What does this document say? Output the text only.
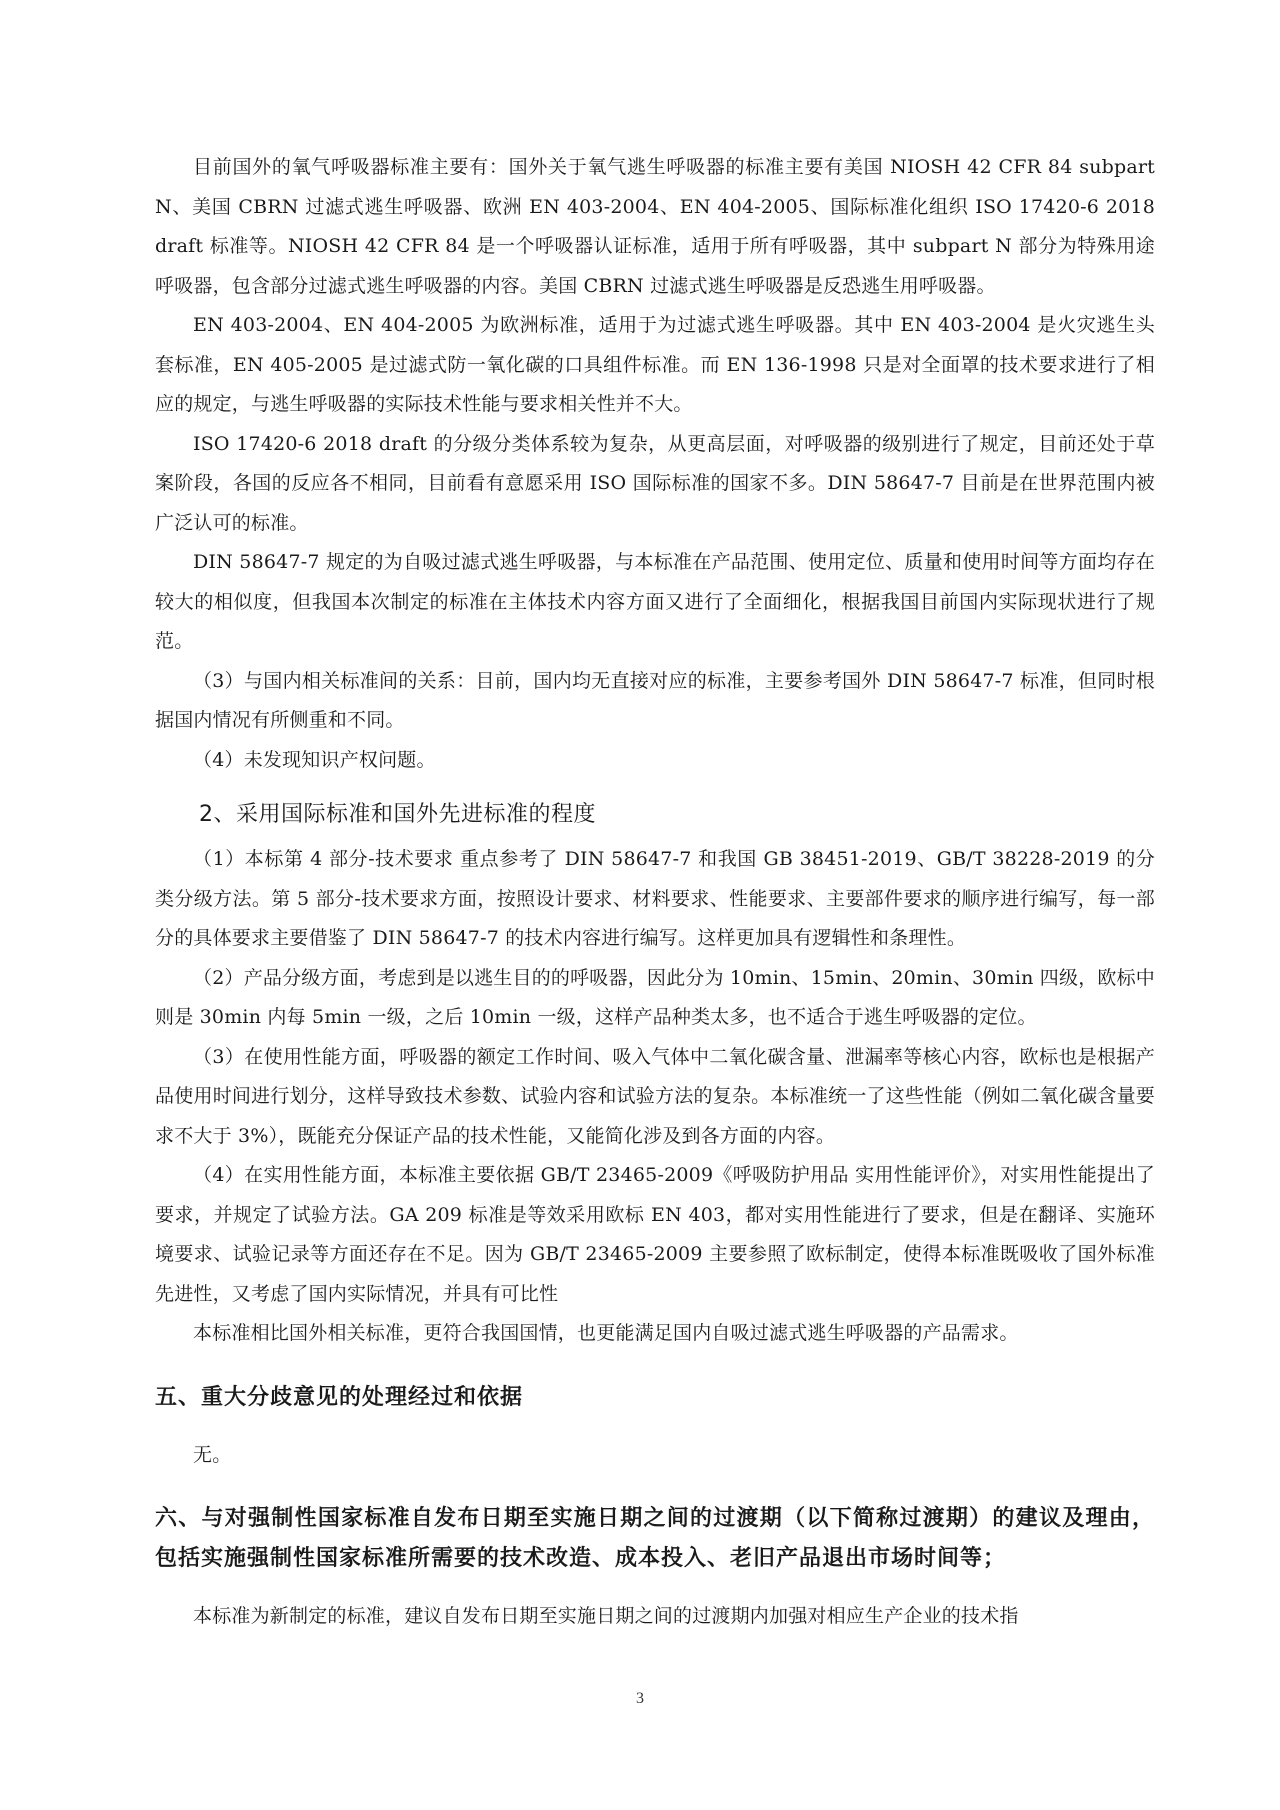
目前国外的氧气呼吸器标准主要有：国外关于氧气逃生呼吸器的标准主要有美国 NIOSH 42 CFR 84 subpart N、美国 CBRN 过滤式逃生呼吸器、欧洲 EN 403-2004、EN 404-2005、国际标准化组织 ISO 17420-6 2018 draft 标准等。NIOSH 42 CFR 84 是一个呼吸器认证标准，适用于所有呼吸器，其中 subpart N 部分为特殊用途呼吸器，包含部分过滤式逃生呼吸器的内容。美国 CBRN 过滤式逃生呼吸器是反恐逃生用呼吸器。

EN 403-2004、EN 404-2005 为欧洲标准，适用于为过滤式逃生呼吸器。其中 EN 403-2004 是火灾逃生头套标准，EN 405-2005 是过滤式防一氧化碳的口具组件标准。而 EN 136-1998 只是对全面罩的技术要求进行了相应的规定，与逃生呼吸器的实际技术性能与要求相关性并不大。

ISO 17420-6 2018 draft 的分级分类体系较为复杂，从更高层面，对呼吸器的级别进行了规定，目前还处于草案阶段，各国的反应各不相同，目前看有意愿采用 ISO 国际标准的国家不多。DIN 58647-7 目前是在世界范围内被广泛认可的标准。

DIN 58647-7 规定的为自吸过滤式逃生呼吸器，与本标准在产品范围、使用定位、质量和使用时间等方面均存在较大的相似度，但我国本次制定的标准在主体技术内容方面又进行了全面细化，根据我国目前国内实际现状进行了规范。

（3）与国内相关标准间的关系：目前，国内均无直接对应的标准，主要参考国外 DIN 58647-7 标准，但同时根据国内情况有所侧重和不同。

（4）未发现知识产权问题。

2、采用国际标准和国外先进标准的程度

（1）本标第 4 部分-技术要求 重点参考了 DIN 58647-7 和我国 GB 38451-2019、GB/T 38228-2019 的分类分级方法。第 5 部分-技术要求方面，按照设计要求、材料要求、性能要求、主要部件要求的顺序进行编写，每一部分的具体要求主要借鉴了 DIN 58647-7 的技术内容进行编写。这样更加具有逻辑性和条理性。

（2）产品分级方面，考虑到是以逃生目的的呼吸器，因此分为 10min、15min、20min、30min 四级，欧标中则是 30min 内每 5min 一级，之后 10min 一级，这样产品种类太多，也不适合于逃生呼吸器的定位。

（3）在使用性能方面，呼吸器的额定工作时间、吸入气体中二氧化碳含量、泄漏率等核心内容，欧标也是根据产品使用时间进行划分，这样导致技术参数、试验内容和试验方法的复杂。本标准统一了这些性能（例如二氧化碳含量要求不大于 3%），既能充分保证产品的技术性能，又能简化涉及到各方面的内容。

（4）在实用性能方面，本标准主要依据 GB/T 23465-2009《呼吸防护用品 实用性能评价》，对实用性能提出了要求，并规定了试验方法。GA 209 标准是等效采用欧标 EN 403，都对实用性能进行了要求，但是在翻译、实施环境要求、试验记录等方面还存在不足。因为 GB/T 23465-2009 主要参照了欧标制定，使得本标准既吸收了国外标准先进性，又考虑了国内实际情况，并具有可比性

本标准相比国外相关标准，更符合我国国情，也更能满足国内自吸过滤式逃生呼吸器的产品需求。

五、重大分歧意见的处理经过和依据

无。

六、与对强制性国家标准自发布日期至实施日期之间的过渡期（以下简称过渡期）的建议及理由，包括实施强制性国家标准所需要的技术改造、成本投入、老旧产品退出市场时间等；

本标准为新制定的标准，建议自发布日期至实施日期之间的过渡期内加强对相应生产企业的技术指

3
